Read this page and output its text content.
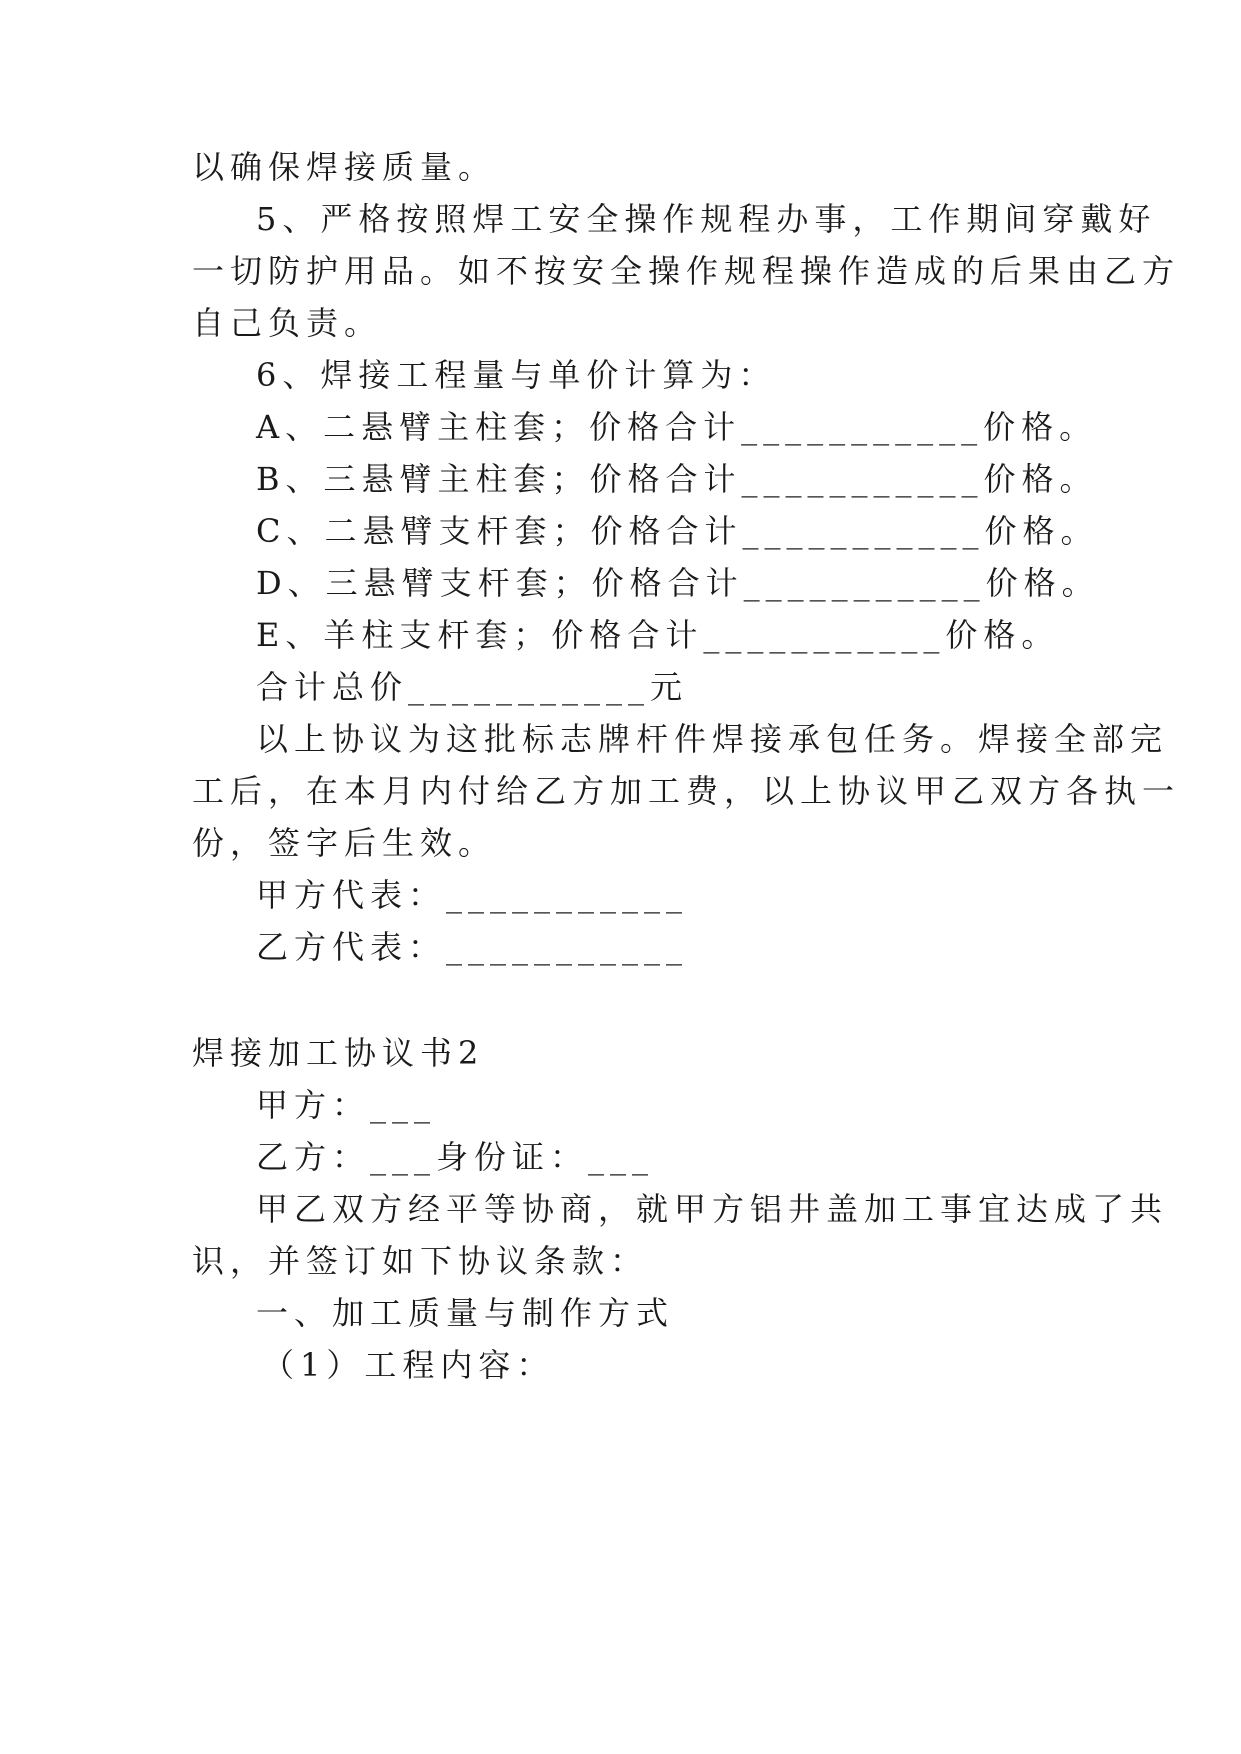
以确保焊接质量。
5、严格按照焊工安全操作规程办事，工作期间穿戴好
一切防护用品。如不按安全操作规程操作造成的后果由乙方
自己负责。
6、焊接工程量与单价计算为：
A、二悬臂主柱套；价格合计___________价格。
B、三悬臂主柱套；价格合计___________价格。
C、二悬臂支杆套；价格合计___________价格。
D、三悬臂支杆套；价格合计___________价格。
E、羊柱支杆套；价格合计___________价格。
合计总价___________元
以上协议为这批标志牌杆件焊接承包任务。焊接全部完
工后，在本月内付给乙方加工费，以上协议甲乙双方各执一
份，签字后生效。
甲方代表：___________
乙方代表：___________
焊接加工协议书2
甲方：___
乙方：___身份证：___
甲乙双方经平等协商，就甲方铝井盖加工事宜达成了共
识，并签订如下协议条款：
一、加工质量与制作方式
（1）工程内容：
